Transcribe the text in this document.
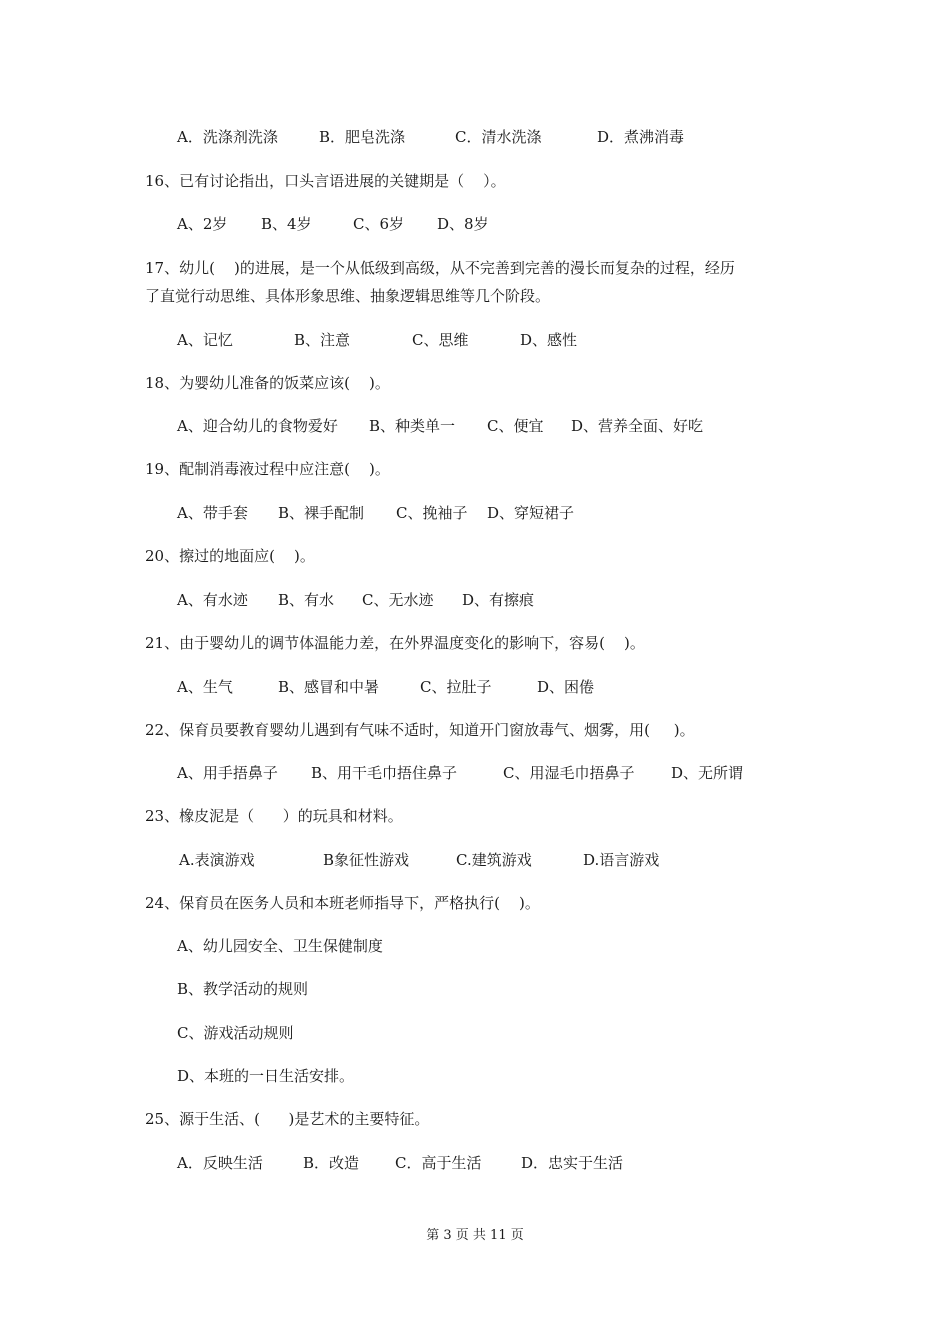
A．洗涤剂洗涤	B．肥皂洗涤	C．清水洗涤	D．煮沸消毒
16、已有讨论指出，口头言语进展的关键期是（    ）。
A、2岁 B、4岁	C、6岁 D、8岁
17、幼儿(    )的进展，是一个从低级到高级，从不完善到完善的漫长而复杂的过程，经历
了直觉行动思维、具体形象思维、抽象逻辑思维等几个阶段。
A、记忆	B、注意	C、思维	D、感性
18、为婴幼儿准备的饭菜应该(    )。
A、迎合幼儿的食物爱好 B、种类单一 C、便宜 D、营养全面、好吃
19、配制消毒液过程中应注意(    )。
A、带手套 B、裸手配制 C、挽袖子 D、穿短裙子
20、擦过的地面应(    )。
A、有水迹 B、有水 C、无水迹 D、有擦痕
21、由于婴幼儿的调节体温能力差，在外界温度变化的影响下，容易(    )。
A、生气	B、感冒和中暑	C、拉肚子	D、困倦
22、保育员要教育婴幼儿遇到有气味不适时，知道开门窗放毒气、烟雾，用(     )。
A、用手捂鼻子 B、用干毛巾捂住鼻子	C、用湿毛巾捂鼻子 D、无所谓
23、橡皮泥是（      ）的玩具和材料。
A.表演游戏	B象征性游戏	C.建筑游戏	D.语言游戏
24、保育员在医务人员和本班老师指导下，严格执行(    )。
A、幼儿园安全、卫生保健制度
B、教学活动的规则
C、游戏活动规则
D、本班的一日生活安排。
25、源于生活、(      )是艺术的主要特征。
A．反映生活	B．改造 C．高于生活	D．忠实于生活
第 3 页 共 11 页
